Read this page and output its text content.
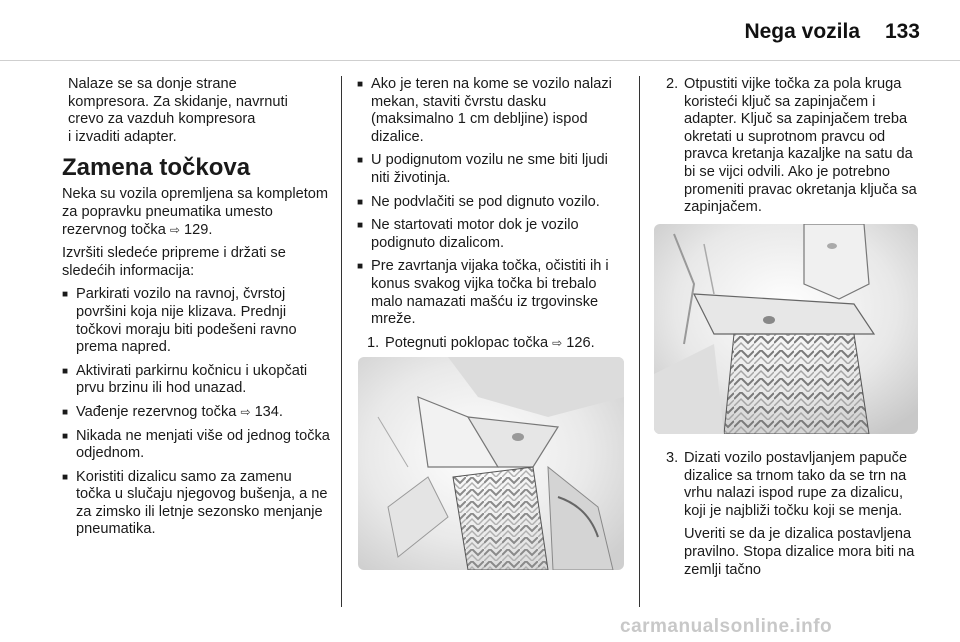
Nega vozila 133
Nalaze se sa donje strane
kompresora. Za skidanje, navrnuti
crevo za vazduh kompresora
i izvaditi adapter.
Zamena točkova

Neka su vozila opremljena sa kompletom za popravku pneumatika umesto rezervnog točka ⇨ 129.

Izvršiti sledeće pripreme i držati se sledećih informacija:

■ Parkirati vozilo na ravnoj, čvrstoj površini koja nije klizava. Prednji točkovi moraju biti podešeni ravno prema napred.
■ Aktivirati parkirnu kočnicu i ukopčati prvu brzinu ili hod unazad.
■ Vađenje rezervnog točka ⇨ 134.
■ Nikada ne menjati više od jednog točka odjednom.
■ Koristiti dizalicu samo za zamenu točka u slučaju njegovog bušenja, a ne za zimsko ili letnje sezonsko menjanje pneumatika.
■ Ako je teren na kome se vozilo nalazi mekan, staviti čvrstu dasku (maksimalno 1 cm debljine) ispod dizalice.
■ U podignutom vozilu ne sme biti ljudi niti životinja.
■ Ne podvlačiti se pod dignuto vozilo.
■ Ne startovati motor dok je vozilo podignuto dizalicom.
■ Pre zavrtanja vijaka točka, očistiti ih i konus svakog vijka točka bi trebalo malo namazati mašću iz trgovinske mreže.
1. Potegnuti poklopac točka ⇨ 126.
2. Otpustiti vijke točka za pola kruga koristeći ključ sa zapinjačem i adapter. Ključ sa zapinjačem treba okretati u suprotnom pravcu od pravca kretanja kazaljke na satu da bi se vijci odvili. Ako je potrebno promeniti pravac okretanja ključa sa zapinjačem.
3. Dizati vozilo postavljanjem papuče dizalice sa trnom tako da se trn na vrhu nalazi ispod rupe za dizalicu, koji je najbliži točku koji se menja.

Uveriti se da je dizalica postavljena pravilno. Stopa dizalice mora biti na zemlji tačno

carmanualsonline.info
